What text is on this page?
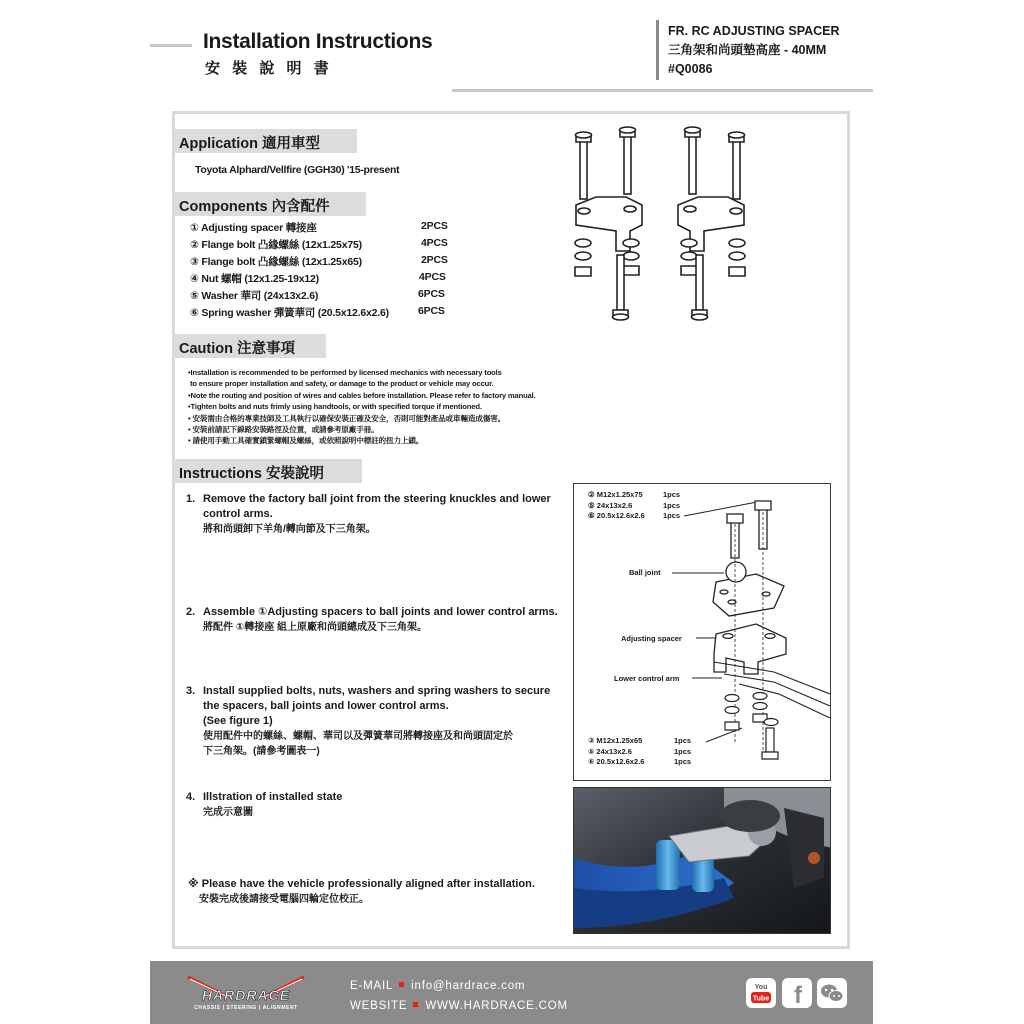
Installation Instructions
安 裝 說 明 書
FR. RC ADJUSTING SPACER
三角架和尚頭墊高座 - 40MM
#Q0086
Application 適用車型
Toyota Alphard/Vellfire (GGH30) '15-present
Components 內含配件
① Adjusting spacer 轉接座	2PCS
② Flange bolt 凸緣螺絲 (12x1.25x75)	4PCS
③ Flange bolt 凸緣螺絲 (12x1.25x65)	2PCS
④ Nut 螺帽 (12x1.25-19x12)	4PCS
⑤ Washer 華司 (24x13x2.6)	6PCS
⑥ Spring washer 彈簧華司 (20.5x12.6x2.6)	6PCS
Caution 注意事項
•Installation is recommended to be performed by licensed mechanics with necessary tools
to ensure proper installation and safety, or damage to the product or vehicle may occur.
•Note the routing and position of wires and cables before installation. Please refer to factory manual.
•Tighten bolts and nuts frimly using handtools, or with specified torque if mentioned.
• 安裝需由合格的專業技師及工具執行以確保安裝正確及安全，否則可能對產品或車輛造成傷害。
• 安裝前請記下線路安裝路徑及位置，或請參考原廠手冊。
• 請使用手動工具確實鎖緊螺帽及螺絲，或依照說明中標註的扭力上鎖。
Instructions 安裝說明
1. Remove the factory ball joint from the steering knuckles and lower
control arms.
將和尚頭卸下羊角/轉向節及下三角架。
2. Assemble ①Adjusting spacers to ball joints and lower control arms.
將配件 ①轉接座 組上原廠和尚頭總成及下三角架。
3. Install supplied bolts, nuts, washers and spring washers to secure
the spacers, ball joints and lower control arms.
(See figure 1)
使用配件中的螺絲、螺帽、華司以及彈簧華司將轉接座及和尚頭固定於
下三角架。(請參考圖表一)
4. Illstration of installed state
完成示意圖
※ Please have the vehicle professionally aligned after installation.
安裝完成後請接受電腦四輪定位校正。
② M12x1.25x75	1pcs
⑤ 24x13x2.6	1pcs
⑥ 20.5x12.6x2.6 1pcs
Ball joint
Adjusting spacer
Lower control arm
③ M12x1.25x65	1pcs
⑤ 24x13x2.6	1pcs
⑥ 20.5x12.6x2.6	1pcs
HARDRACE
CHASSIS | STEERING | ALIGNMENT
E-MAIL info@hardrace.com
WEBSITE WWW.HARDRACE.COM
You
Tube f
